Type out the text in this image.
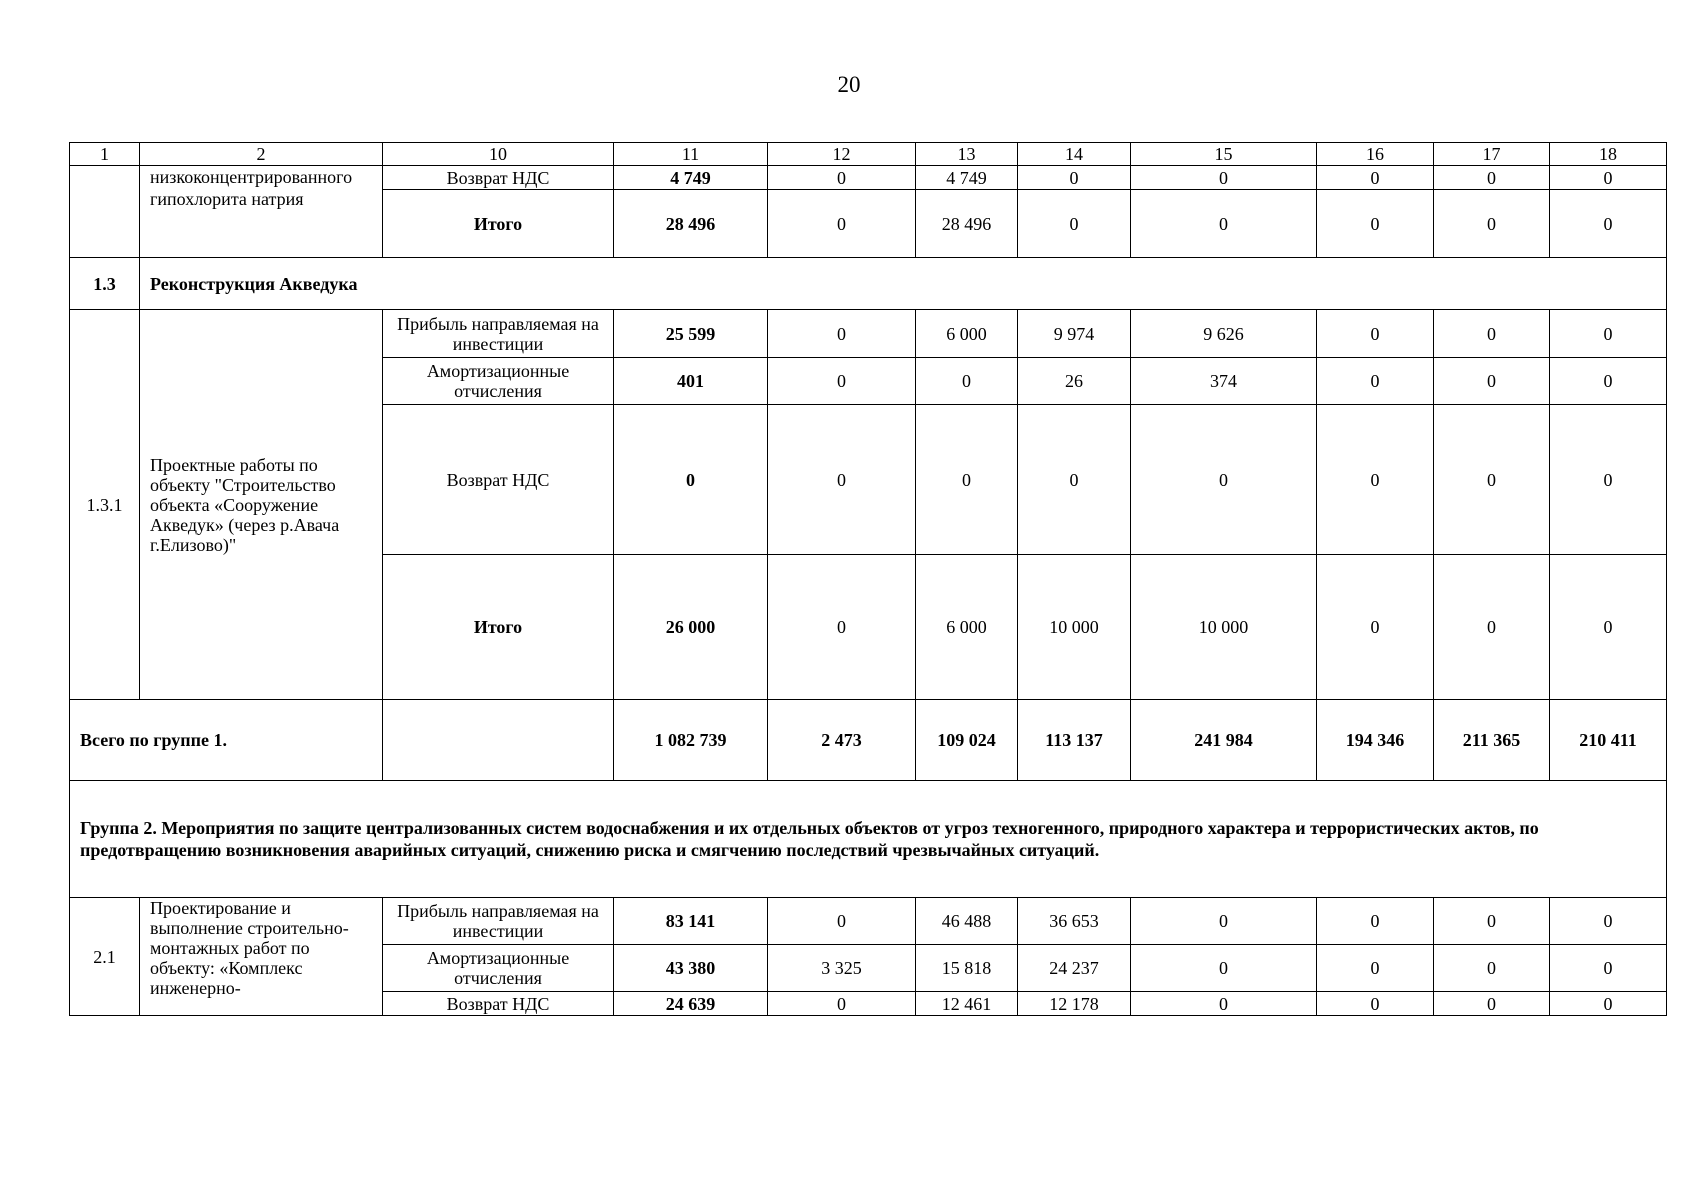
20
1	2	10	11	12	13	14	15	16	17	18
	низкоконцентрированного гипохлорита натрия	Возврат НДС	4 749	0	4 749	0	0	0	0	0
		Итого	28 496	0	28 496	0	0	0	0	0
1.3	Реконструкция Акведука									
1.3.1	Проектные работы по объекту "Строительство объекта «Сооружение Акведук» (через р.Авача г.Елизово)"	Прибыль направляемая на инвестиции	25 599	0	6 000	9 974	9 626	0	0	0
		Амортизационные отчисления	401	0	0	26	374	0	0	0
		Возврат НДС	0	0	0	0	0	0	0	0
		Итого	26 000	0	6 000	10 000	10 000	0	0	0
Всего по группе 1.			1 082 739	2 473	109 024	113 137	241 984	194 346	211 365	210 411
Группа 2. Мероприятия по защите централизованных систем водоснабжения и их отдельных объектов от угроз техногенного, природного характера и террористических актов, по предотвращению возникновения аварийных ситуаций, снижению риска и смягчению последствий чрезвычайных ситуаций.										
2.1	Проектирование и выполнение строительно-монтажных работ по объекту: «Комплекс инженерно-	Прибыль направляемая на инвестиции	83 141	0	46 488	36 653	0	0	0	0
		Амортизационные отчисления	43 380	3 325	15 818	24 237	0	0	0	0
		Возврат НДС	24 639	0	12 461	12 178	0	0	0	0
